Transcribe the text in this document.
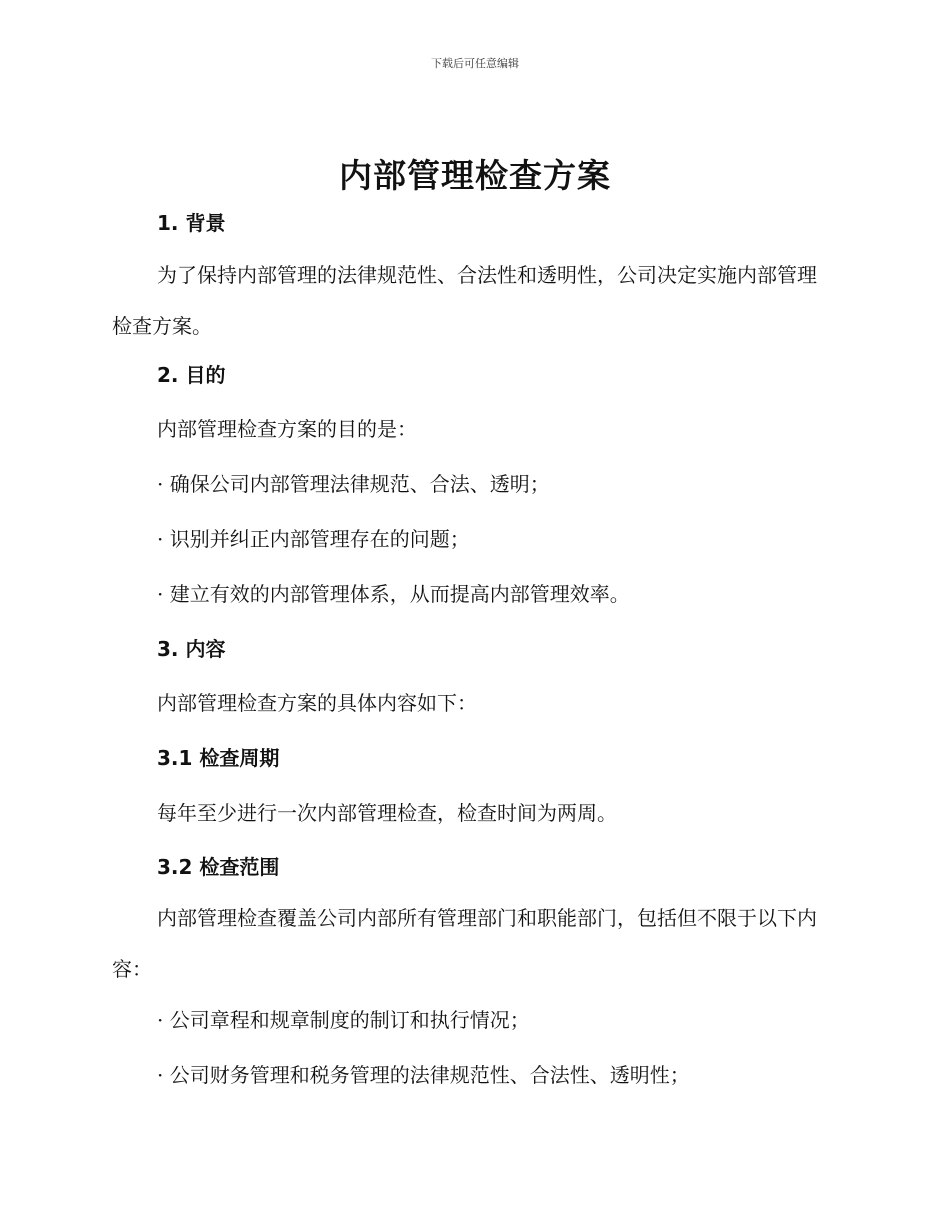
下载后可任意编辑
内部管理检查方案
1. 背景
为了保持内部管理的法律规范性、合法性和透明性，公司决定实施内部管理检查方案。
2. 目的
内部管理检查方案的目的是：
· 确保公司内部管理法律规范、合法、透明；
· 识别并纠正内部管理存在的问题；
· 建立有效的内部管理体系，从而提高内部管理效率。
3. 内容
内部管理检查方案的具体内容如下：
3.1 检查周期
每年至少进行一次内部管理检查，检查时间为两周。
3.2 检查范围
内部管理检查覆盖公司内部所有管理部门和职能部门，包括但不限于以下内容：
· 公司章程和规章制度的制订和执行情况；
· 公司财务管理和税务管理的法律规范性、合法性、透明性；
